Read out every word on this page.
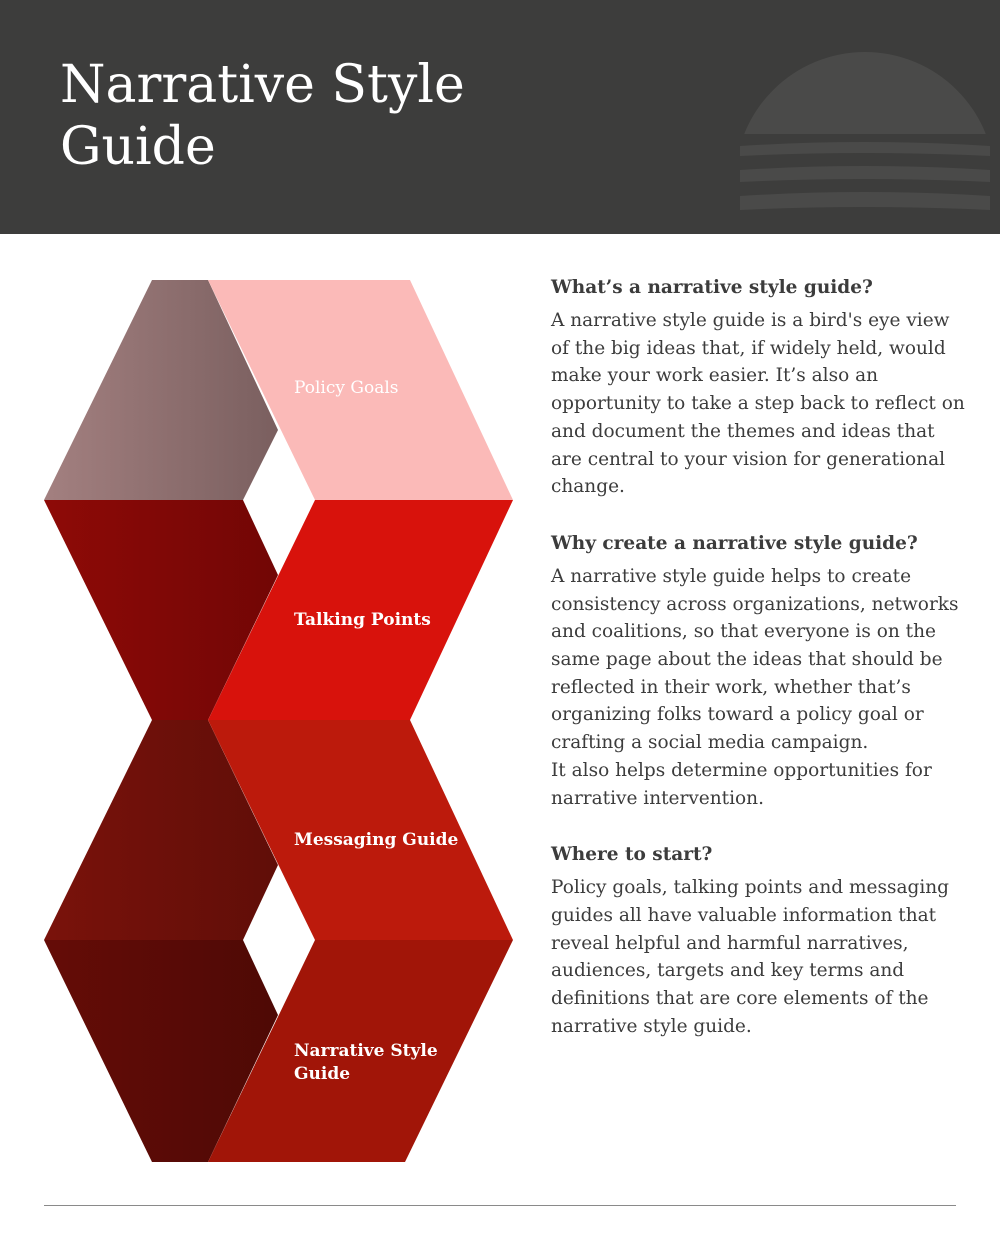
Narrative Style Guide
Policy Goals
Talking Points
Messaging Guide
Narrative Style Guide
What’s a narrative style guide?

A narrative style guide is a bird's eye view of the big ideas that, if widely held, would make your work easier. It’s also an opportunity to take a step back to reflect on and document the themes and ideas that are central to your vision for generational change.

Why create a narrative style guide?

A narrative style guide helps to create consistency across organizations, networks and coalitions, so that everyone is on the same page about the ideas that should be reflected in their work, whether that’s organizing folks toward a policy goal or crafting a social media campaign.
It also helps determine opportunities for narrative intervention.

Where to start?

Policy goals, talking points and messaging guides all have valuable information that reveal helpful and harmful narratives, audiences, targets and key terms and definitions that are core elements of the narrative style guide.
